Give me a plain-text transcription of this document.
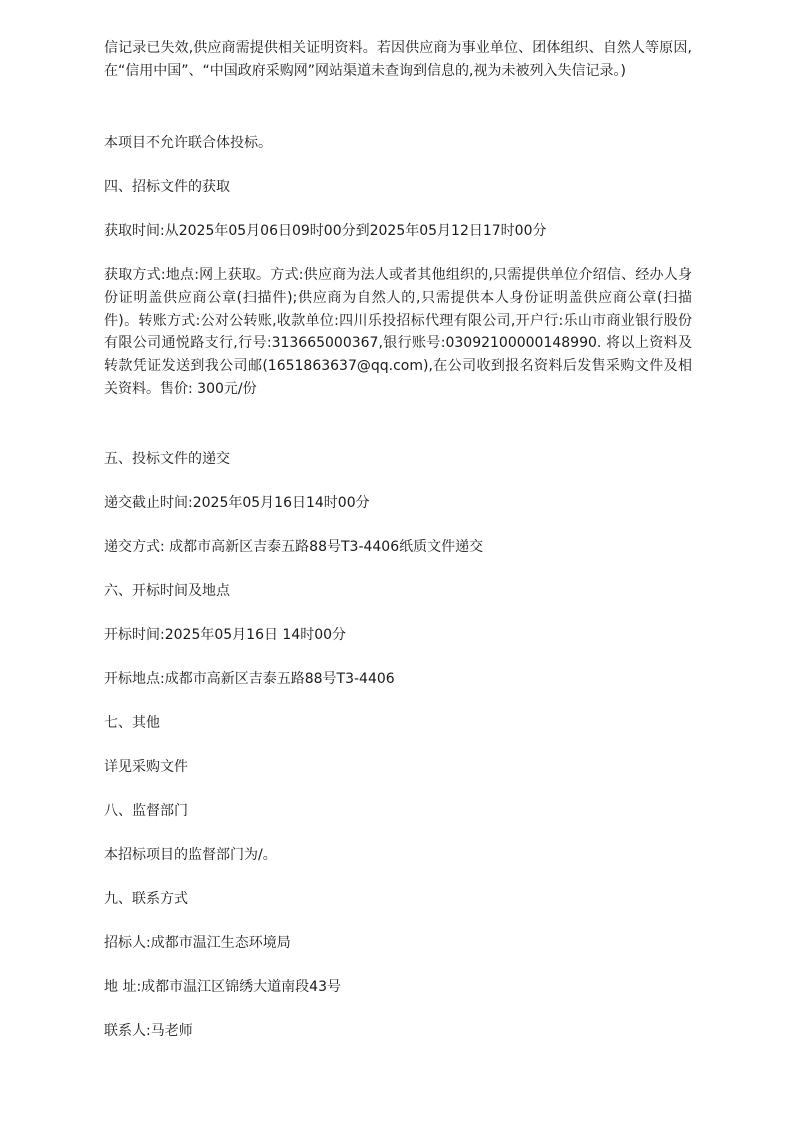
信记录已失效,供应商需提供相关证明资料。若因供应商为事业单位、团体组织、自然人等原因,在“信用中国”、“中国政府采购网”网站渠道未查询到信息的,视为未被列入失信记录。)

本项目不允许联合体投标。

四、招标文件的获取

获取时间:从2025年05月06日09时00分到2025年05月12日17时00分

获取方式:地点:网上获取。方式:供应商为法人或者其他组织的,只需提供单位介绍信、经办人身份证明盖供应商公章(扫描件);供应商为自然人的,只需提供本人身份证明盖供应商公章(扫描件)。转账方式:公对公转账,收款单位:四川乐投招标代理有限公司,开户行:乐山市商业银行股份有限公司通悦路支行,行号:313665000367,银行账号:03092100000148990. 将以上资料及转款凭证发送到我公司邮(1651863637@qq.com),在公司收到报名资料后发售采购文件及相关资料。售价: 300元/份

五、投标文件的递交

递交截止时间:2025年05月16日14时00分

递交方式: 成都市高新区吉泰五路88号T3-4406纸质文件递交

六、开标时间及地点

开标时间:2025年05月16日 14时00分

开标地点:成都市高新区吉泰五路88号T3-4406

七、其他

详见采购文件

八、监督部门

本招标项目的监督部门为/。

九、联系方式

招标人:成都市温江生态环境局

地 址:成都市温江区锦绣大道南段43号

联系人:马老师
